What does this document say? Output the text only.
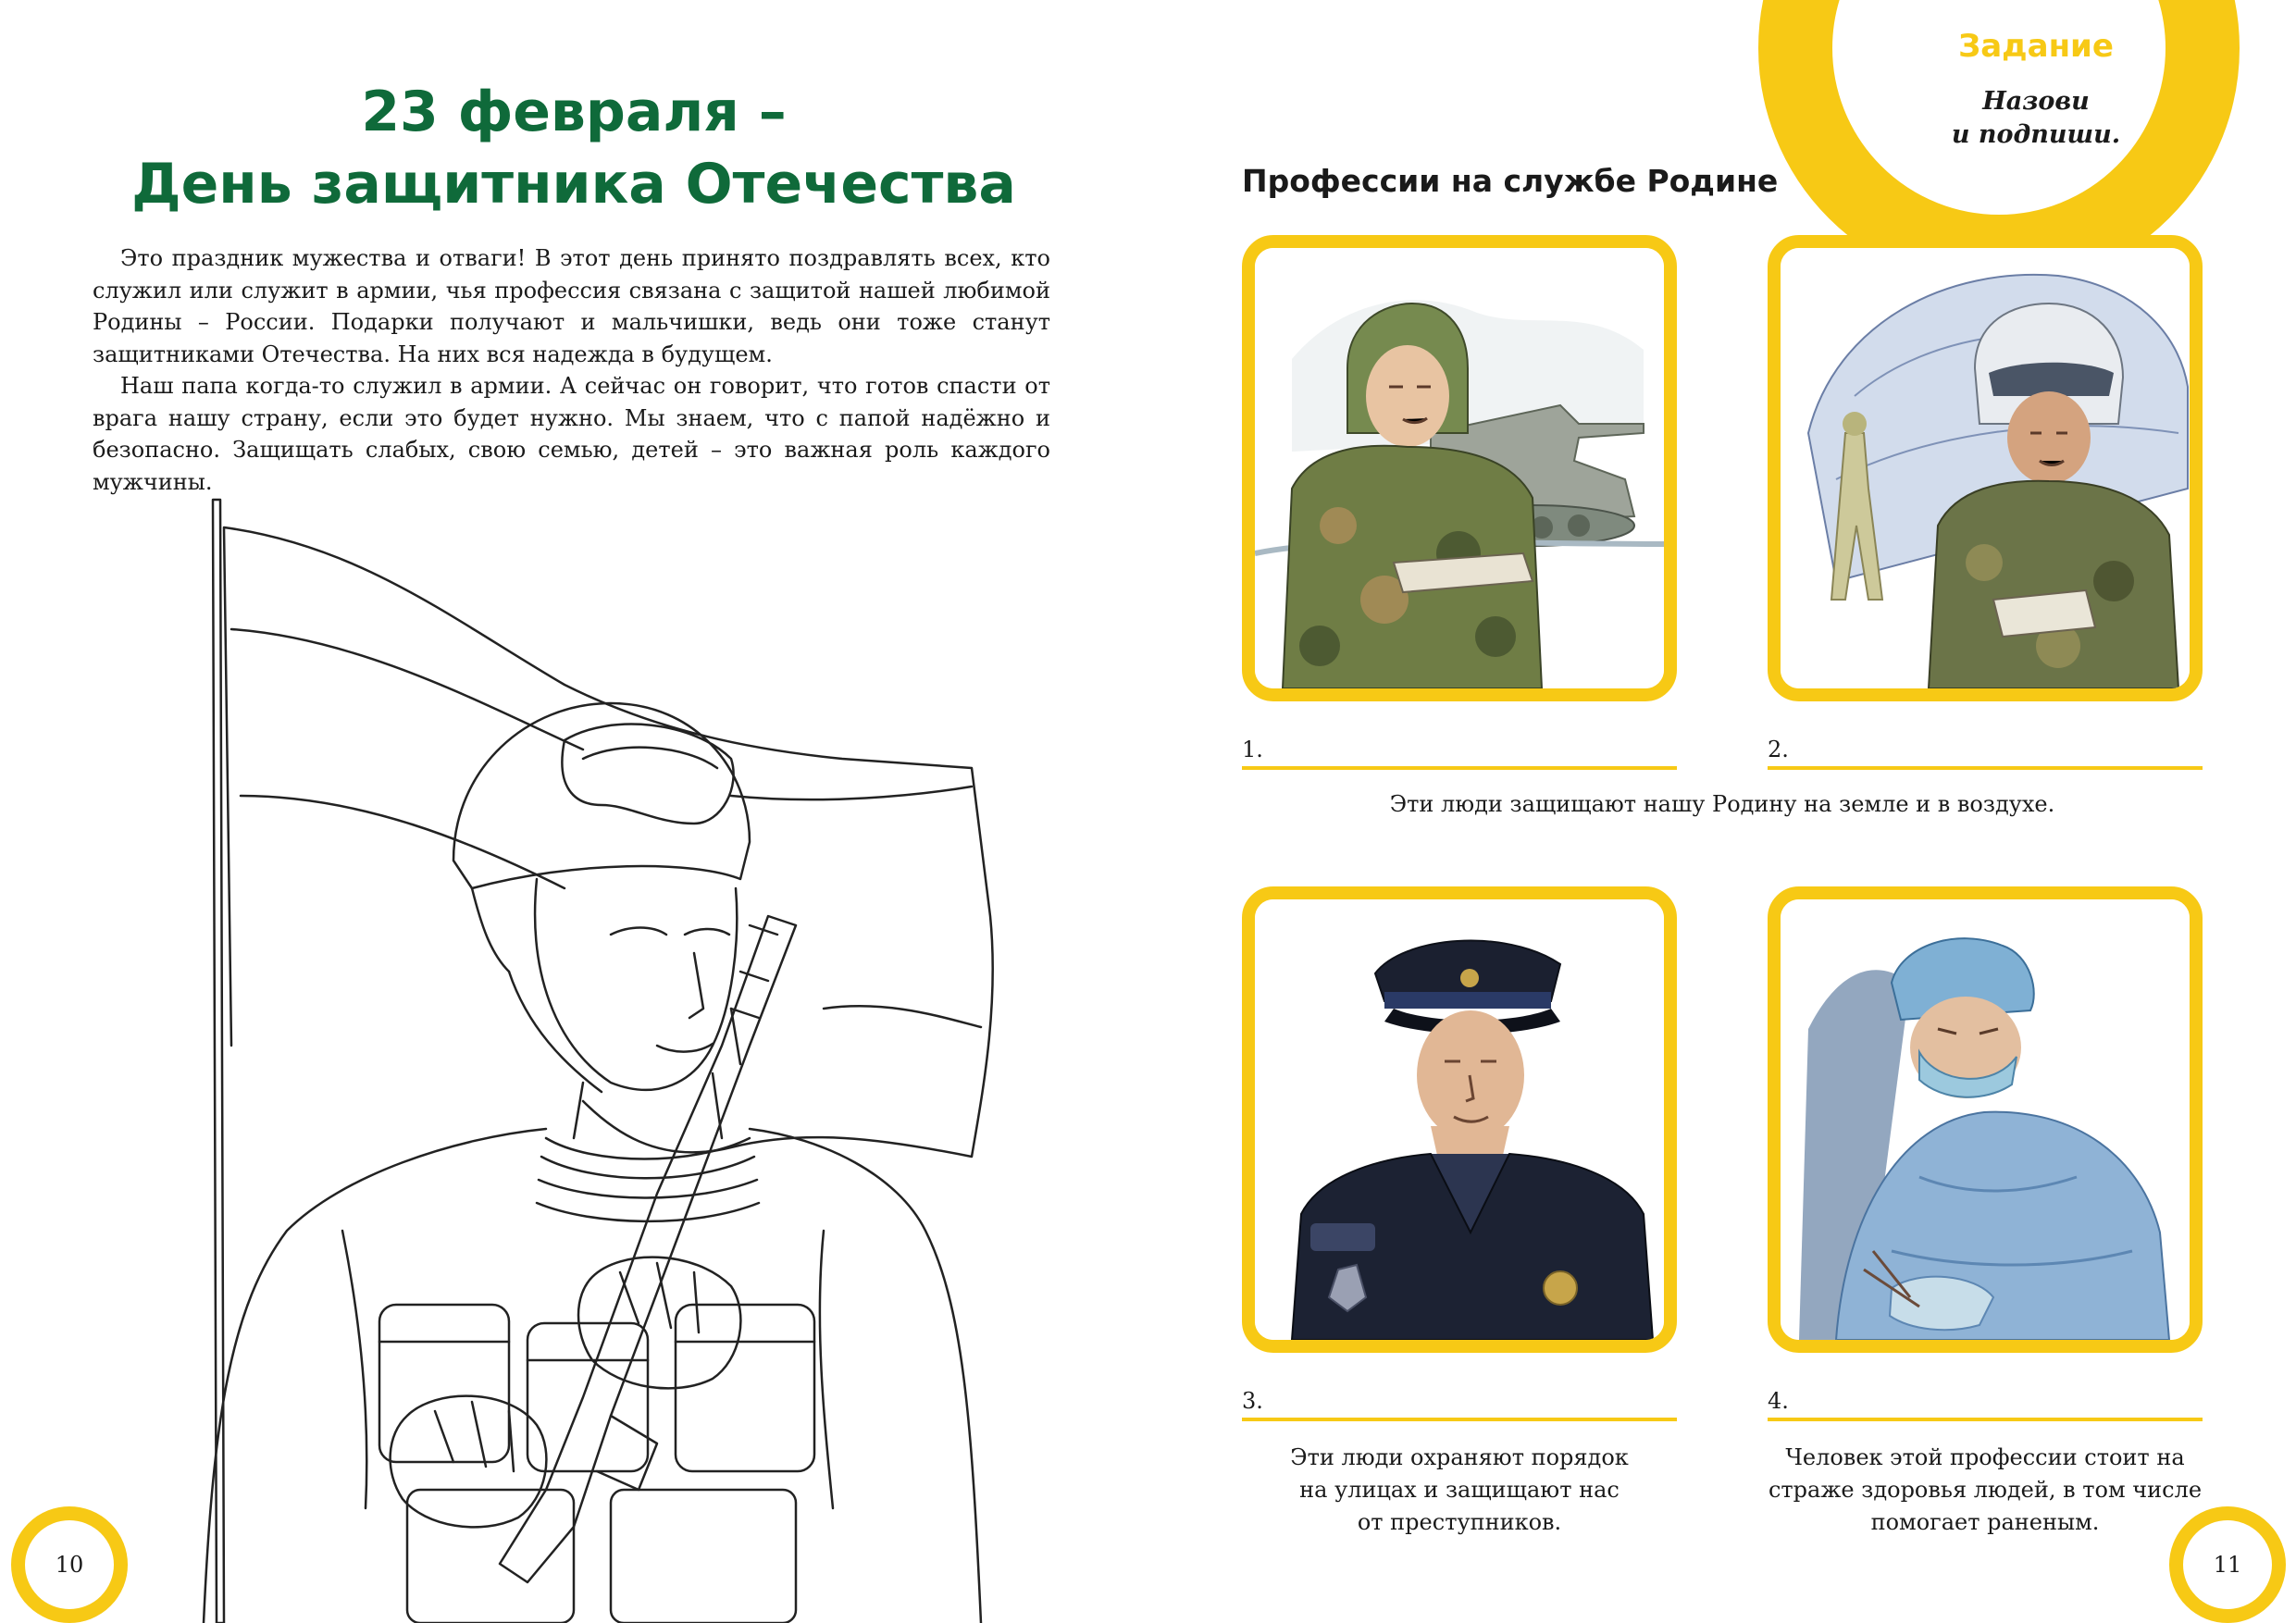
23 февраля –
День защитника Отечества

Это праздник мужества и отваги! В этот день принято поздравлять всех, кто служил или служит в армии, чья профессия связана с защитой нашей любимой Родины – России. Подарки получают и мальчишки, ведь они тоже станут защитниками Отечества. На них вся надежда в будущем.

Наш папа когда-то служил в армии. А сейчас он говорит, что готов спасти от врага нашу страну, если это будет нужно. Мы знаем, что с папой надёжно и безопасно. Защищать слабых, свою семью, детей – это важная роль каждого мужчины.

10
Задание
Назови
и подпиши.
Профессии на службе Родине
1.	2.
Эти люди защищают нашу Родину на земле и в воздухе.
3.	4.
Эти люди охраняют порядок
на улицах и защищают нас
от преступников.
Человек этой профессии стоит на
страже здоровья людей, в том числе
помогает раненым.
11
